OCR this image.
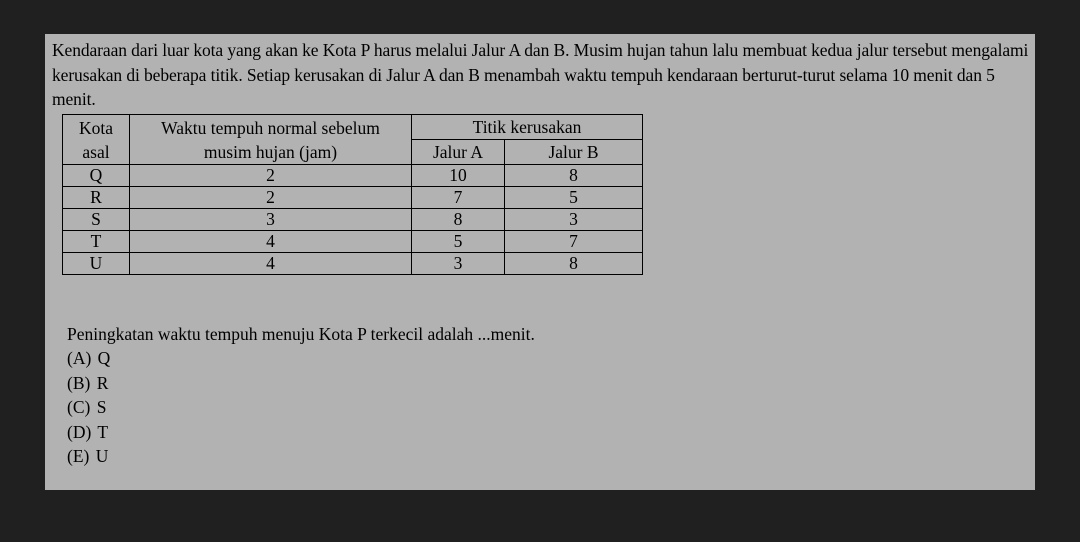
Kendaraan dari luar kota yang akan ke Kota P harus melalui Jalur A dan B. Musim hujan tahun lalu membuat kedua jalur tersebut mengalami kerusakan di beberapa titik. Setiap kerusakan di Jalur A dan B menambah waktu tempuh kendaraan berturut-turut selama 10 menit dan 5 menit.

Kota asal	Waktu tempuh normal sebelum musim hujan (jam)	Titik kerusakan	
		Jalur A	Jalur B
Q	2	10	8
R	2	7	5
S	3	8	3
T	4	5	7
U	4	3	8

Peningkatan waktu tempuh menuju Kota P terkecil adalah ...menit.

(A) Q
(B) R
(C) S
(D) T
(E) U
